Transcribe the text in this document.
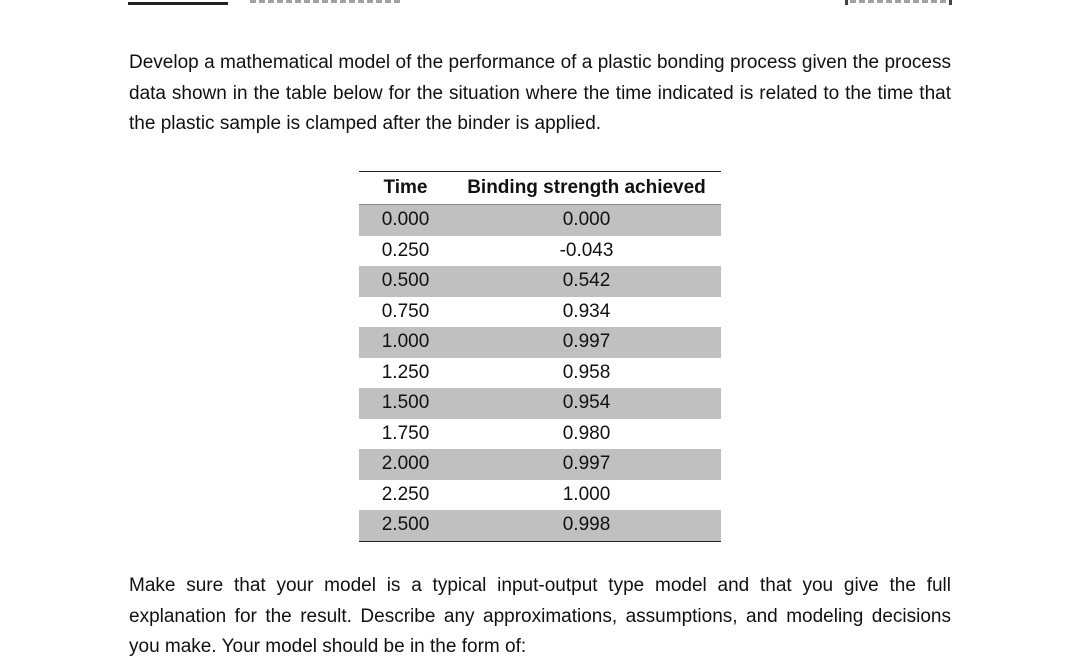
Develop a mathematical model of the performance of a plastic bonding process given the process data shown in the table below for the situation where the time indicated is related to the time that the plastic sample is clamped after the binder is applied.

Time	Binding strength achieved
0.000	0.000
0.250	-0.043
0.500	0.542
0.750	0.934
1.000	0.997
1.250	0.958
1.500	0.954
1.750	0.980
2.000	0.997
2.250	1.000
2.500	0.998

Make sure that your model is a typical input-output type model and that you give the full explanation for the result. Describe any approximations, assumptions, and modeling decisions you make. Your model should be in the form of:
